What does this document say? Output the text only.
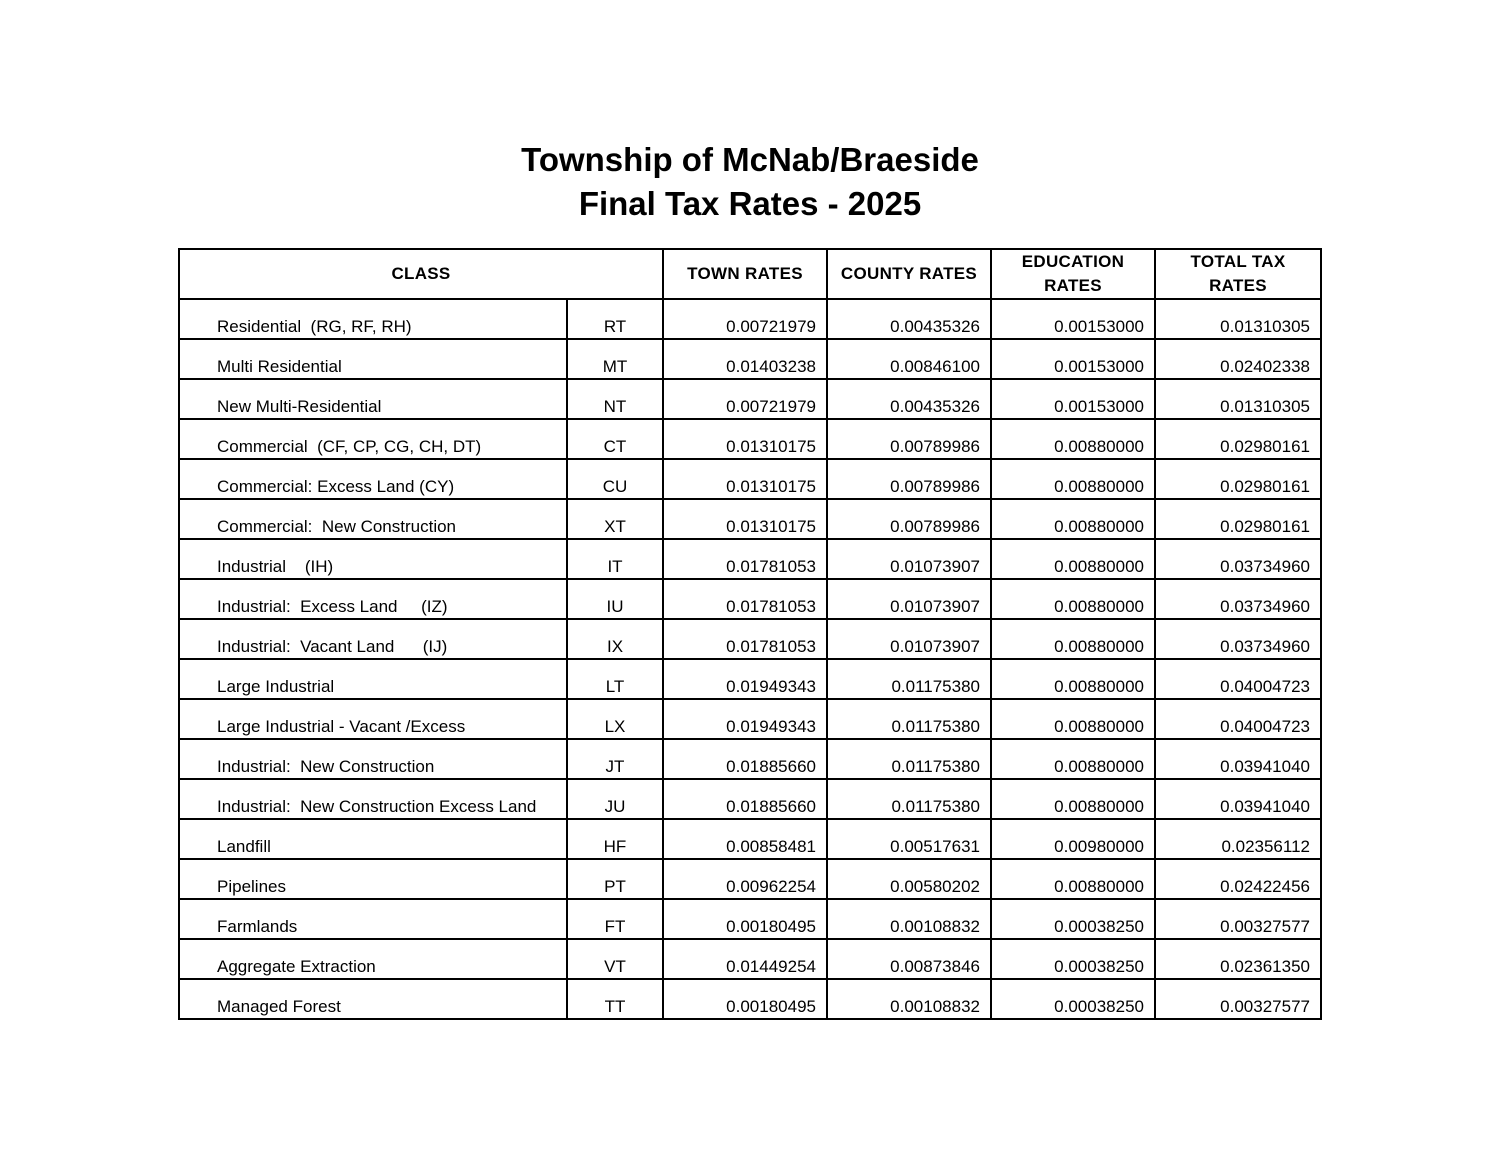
Township of McNab/Braeside
Final Tax Rates - 2025
CLASS		TOWN RATES	COUNTY RATES	EDUCATION RATES	TOTAL TAX RATES
Residential  (RG, RF, RH)	RT	0.00721979	0.00435326	0.00153000	0.01310305
Multi Residential	MT	0.01403238	0.00846100	0.00153000	0.02402338
New Multi-Residential	NT	0.00721979	0.00435326	0.00153000	0.01310305
Commercial  (CF, CP, CG, CH, DT)	CT	0.01310175	0.00789986	0.00880000	0.02980161
Commercial: Excess Land (CY)	CU	0.01310175	0.00789986	0.00880000	0.02980161
Commercial:  New Construction	XT	0.01310175	0.00789986	0.00880000	0.02980161
Industrial    (IH)	IT	0.01781053	0.01073907	0.00880000	0.03734960
Industrial:  Excess Land     (IZ)	IU	0.01781053	0.01073907	0.00880000	0.03734960
Industrial:  Vacant Land      (IJ)	IX	0.01781053	0.01073907	0.00880000	0.03734960
Large Industrial	LT	0.01949343	0.01175380	0.00880000	0.04004723
Large Industrial - Vacant /Excess	LX	0.01949343	0.01175380	0.00880000	0.04004723
Industrial:  New Construction	JT	0.01885660	0.01175380	0.00880000	0.03941040
Industrial:  New Construction Excess Land	JU	0.01885660	0.01175380	0.00880000	0.03941040
Landfill	HF	0.00858481	0.00517631	0.00980000	0.02356112
Pipelines	PT	0.00962254	0.00580202	0.00880000	0.02422456
Farmlands	FT	0.00180495	0.00108832	0.00038250	0.00327577
Aggregate Extraction	VT	0.01449254	0.00873846	0.00038250	0.02361350
Managed Forest	TT	0.00180495	0.00108832	0.00038250	0.00327577
